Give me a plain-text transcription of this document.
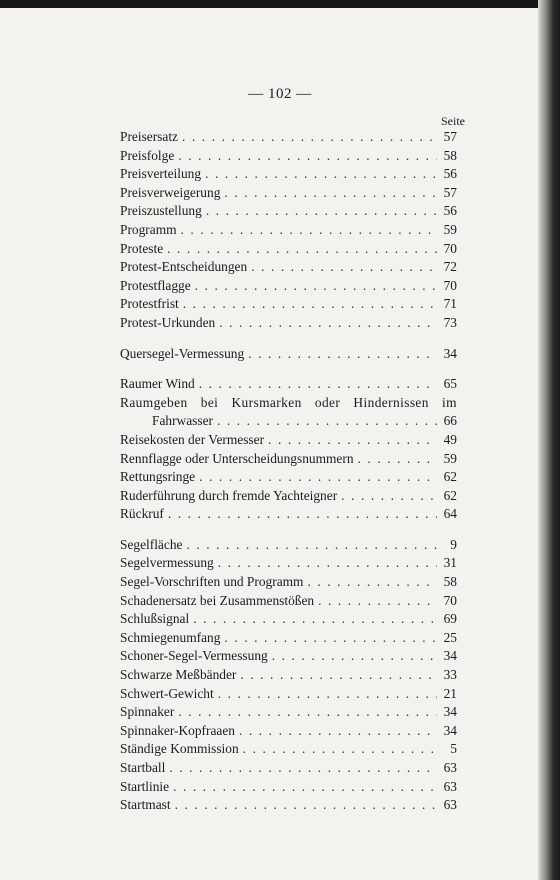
— 102 —
Seite
Preisersatz . . .	57
Preisfolge . . .	58
Preisverteilung . . .	56
Preisverweigerung . . .	57
Preiszustellung . . .	56
Programm . . .	59
Proteste . . .	70
Protest-Entscheidungen . . .	72
Protestflagge . . .	70
Protestfrist . . .	71
Protest-Urkunden . . .	73
Quersegel-Vermessung . . .	34
Raumer Wind . . .	65
Raumgeben bei Kursmarken oder Hindernissen im
Fahrwasser . . .	66
Reisekosten der Vermesser . . .	49
Rennflagge oder Unterscheidungsnummern . . .	59
Rettungsringe . . .	62
Ruderführung durch fremde Yachteigner . . .	62
Rückruf . . .	64
Segelfläche . . .	9
Segelvermessung . . .	31
Segel-Vorschriften und Programm . . .	58
Schadenersatz bei Zusammenstößen . . .	70
Schlußsignal . . .	69
Schmiegenumfang . . .	25
Schoner-Segel-Vermessung . . .	34
Schwarze Meßbänder . . .	33
Schwert-Gewicht . . .	21
Spinnaker . . .	34
Spinnaker-Kopfraaen . . .	34
Ständige Kommission . . .	5
Startball . . .	63
Startlinie . . .	63
Startmast . . .	63
